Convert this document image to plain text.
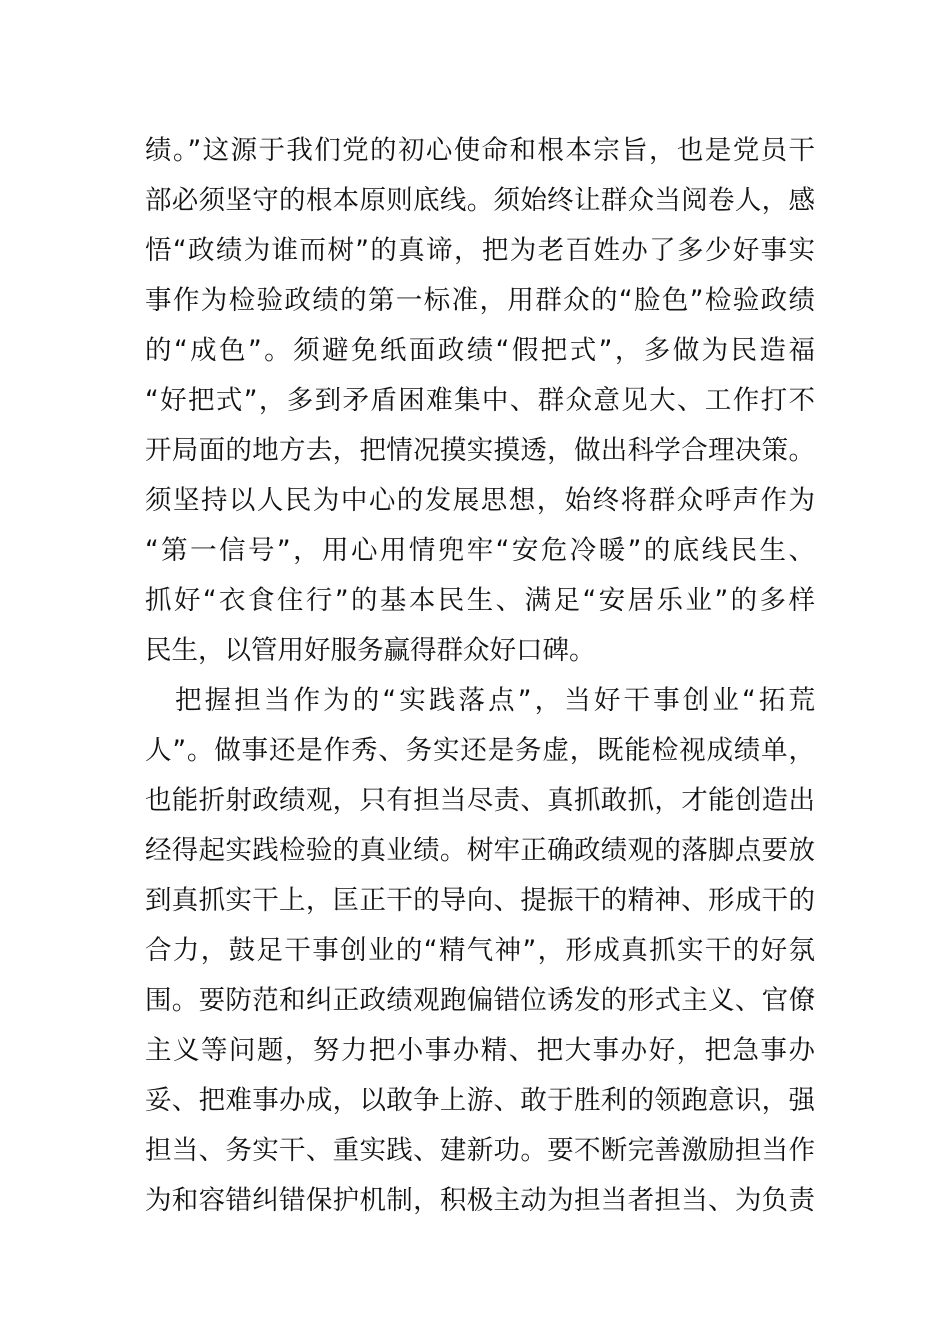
绩。”这源于我们党的初心使命和根本宗旨，也是党员干
部必须坚守的根本原则底线。须始终让群众当阅卷人，感
悟“政绩为谁而树”的真谛，把为老百姓办了多少好事实
事作为检验政绩的第一标准，用群众的“脸色”检验政绩
的“成色”。须避免纸面政绩“假把式”，多做为民造福
“好把式”，多到矛盾困难集中、群众意见大、工作打不
开局面的地方去，把情况摸实摸透，做出科学合理决策。
须坚持以人民为中心的发展思想，始终将群众呼声作为
“第一信号”，用心用情兜牢“安危冷暖”的底线民生、
抓好“衣食住行”的基本民生、满足“安居乐业”的多样
民生，以管用好服务赢得群众好口碑。
把握担当作为的“实践落点”，当好干事创业“拓荒
人”。做事还是作秀、务实还是务虚，既能检视成绩单，
也能折射政绩观，只有担当尽责、真抓敢抓，才能创造出
经得起实践检验的真业绩。树牢正确政绩观的落脚点要放
到真抓实干上，匡正干的导向、提振干的精神、形成干的
合力，鼓足干事创业的“精气神”，形成真抓实干的好氛
围。要防范和纠正政绩观跑偏错位诱发的形式主义、官僚
主义等问题，努力把小事办精、把大事办好，把急事办
妥、把难事办成，以敢争上游、敢于胜利的领跑意识，强
担当、务实干、重实践、建新功。要不断完善激励担当作
为和容错纠错保护机制，积极主动为担当者担当、为负责
